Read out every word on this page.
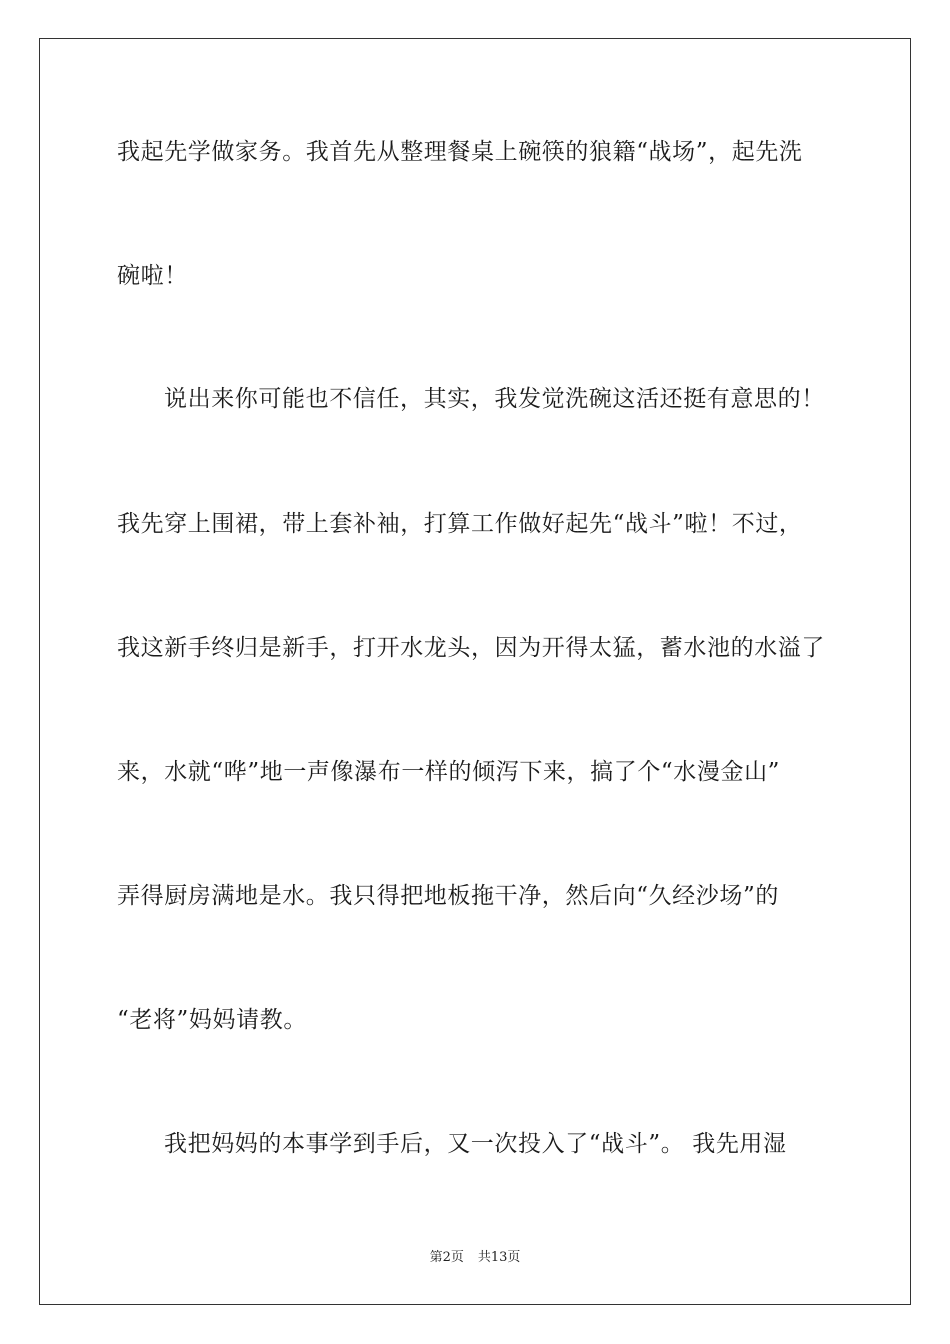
我起先学做家务。我首先从整理餐桌上碗筷的狼籍“战场”，起先洗
碗啦！
说出来你可能也不信任，其实，我发觉洗碗这活还挺有意思的！
我先穿上围裙，带上套补袖，打算工作做好起先“战斗”啦！不过，
我这新手终归是新手，打开水龙头，因为开得太猛，蓄水池的水溢了
来，水就“哗”地一声像瀑布一样的倾泻下来，搞了个“水漫金山”
弄得厨房满地是水。我只得把地板拖干净，然后向“久经沙场”的
“老将”妈妈请教。
我把妈妈的本事学到手后，又一次投入了“战斗”。 我先用湿
第2页 共13页
